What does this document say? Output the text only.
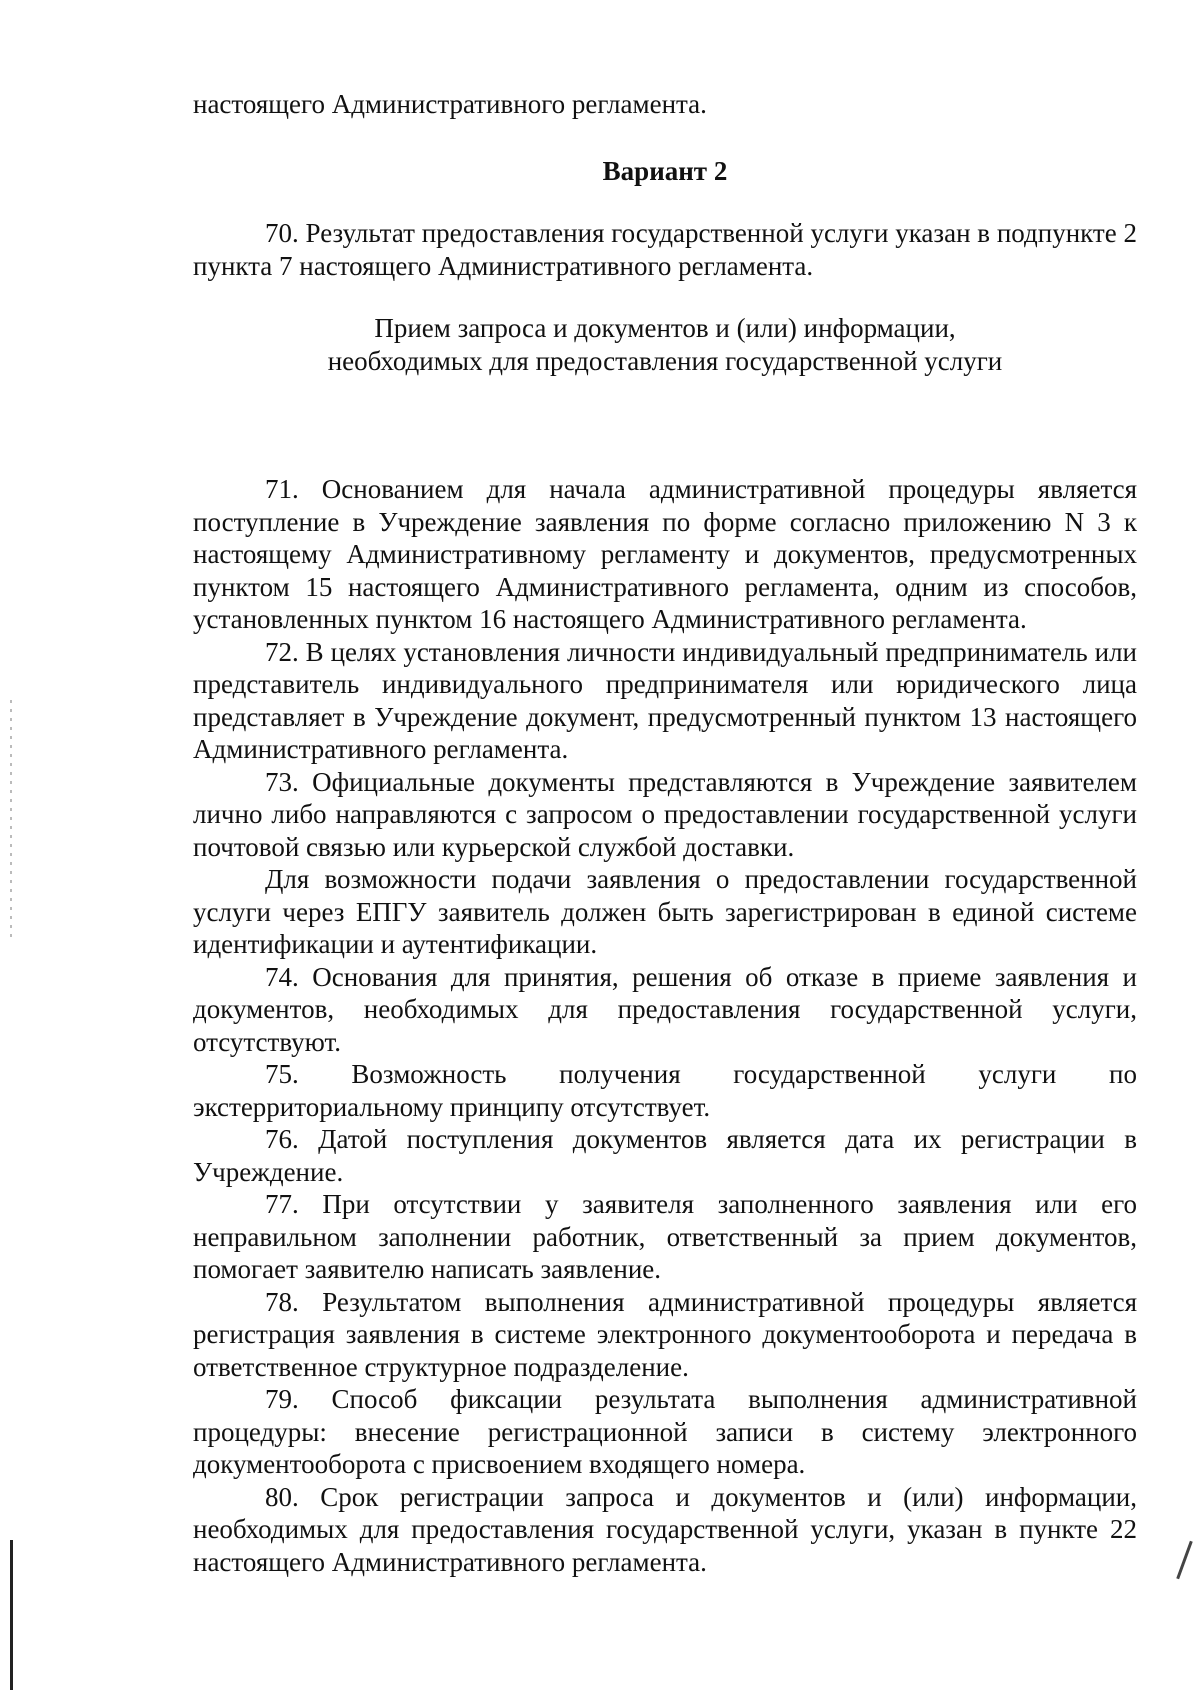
настоящего Административного регламента.

Вариант 2

70. Результат предоставления государственной услуги указан в подпункте 2 пункта 7 настоящего Административного регламента.

Прием запроса и документов и (или) информации,
необходимых для предоставления государственной услуги

71. Основанием для начала административной процедуры является поступление в Учреждение заявления по форме согласно приложению N 3 к настоящему Административному регламенту и документов, предусмотренных пунктом 15 настоящего Административного регламента, одним из способов, установленных пунктом 16 настоящего Административного регламента.

72. В целях установления личности индивидуальный предприниматель или представитель индивидуального предпринимателя или юридического лица представляет в Учреждение документ, предусмотренный пунктом 13 настоящего Административного регламента.

73. Официальные документы представляются в Учреждение заявителем лично либо направляются с запросом о предоставлении государственной услуги почтовой связью или курьерской службой доставки.

Для возможности подачи заявления о предоставлении государственной услуги через ЕПГУ заявитель должен быть зарегистрирован в единой системе идентификации и аутентификации.

74. Основания для принятия, решения об отказе в приеме заявления и документов, необходимых для предоставления государственной услуги, отсутствуют.

75. Возможность получения государственной услуги по экстерриториальному принципу отсутствует.

76. Датой поступления документов является дата их регистрации в Учреждение.

77. При отсутствии у заявителя заполненного заявления или его неправильном заполнении работник, ответственный за прием документов, помогает заявителю написать заявление.

78. Результатом выполнения административной процедуры является регистрация заявления в системе электронного документооборота и передача в ответственное структурное подразделение.

79. Способ фиксации результата выполнения административной процедуры: внесение регистрационной записи в систему электронного документооборота с присвоением входящего номера.

80. Срок регистрации запроса и документов и (или) информации, необходимых для предоставления государственной услуги, указан в пункте 22 настоящего Административного регламента.
